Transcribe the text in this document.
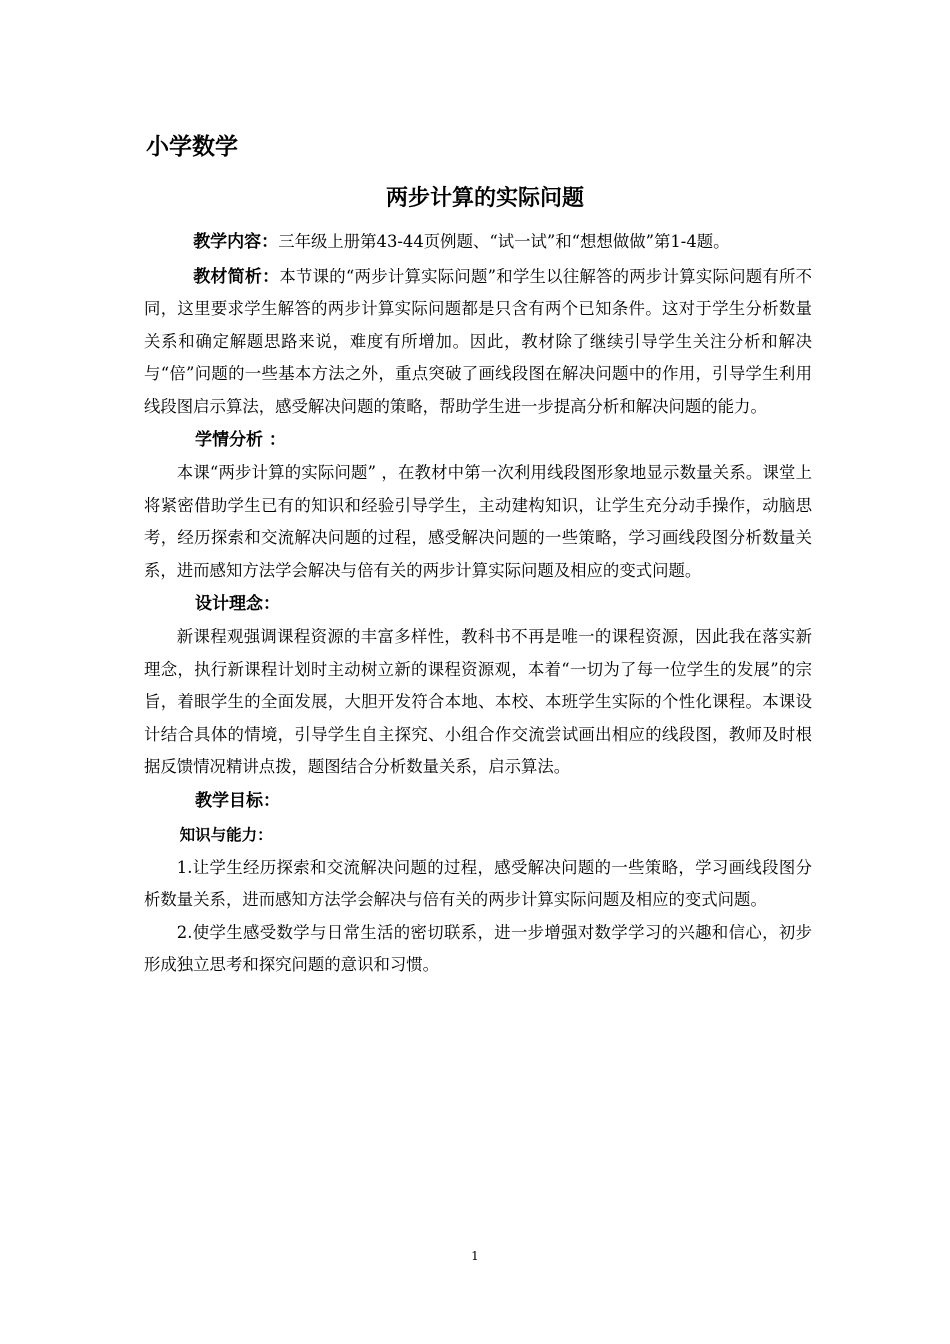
小学数学
两步计算的实际问题

教学内容：三年级上册第43-44页例题、“试一试”和“想想做做”第1-4题。

教材简析：本节课的“两步计算实际问题”和学生以往解答的两步计算实际问题有所不同，这里要求学生解答的两步计算实际问题都是只含有两个已知条件。这对于学生分析数量关系和确定解题思路来说，难度有所增加。因此，教材除了继续引导学生关注分析和解决与“倍”问题的一些基本方法之外，重点突破了画线段图在解决问题中的作用，引导学生利用线段图启示算法，感受解决问题的策略，帮助学生进一步提高分析和解决问题的能力。

学情分析 ：

本课“两步计算的实际问题” ，在教材中第一次利用线段图形象地显示数量关系。课堂上将紧密借助学生已有的知识和经验引导学生，主动建构知识，让学生充分动手操作，动脑思考，经历探索和交流解决问题的过程，感受解决问题的一些策略，学习画线段图分析数量关系，进而感知方法学会解决与倍有关的两步计算实际问题及相应的变式问题。

设计理念：

新课程观强调课程资源的丰富多样性，教科书不再是唯一的课程资源，因此我在落实新理念，执行新课程计划时主动树立新的课程资源观，本着“一切为了每一位学生的发展”的宗旨，着眼学生的全面发展，大胆开发符合本地、本校、本班学生实际的个性化课程。本课设计结合具体的情境，引导学生自主探究、小组合作交流尝试画出相应的线段图，教师及时根据反馈情况精讲点拨，题图结合分析数量关系，启示算法。

教学目标：

知识与能力：

1.让学生经历探索和交流解决问题的过程，感受解决问题的一些策略，学习画线段图分析数量关系，进而感知方法学会解决与倍有关的两步计算实际问题及相应的变式问题。

2.使学生感受数学与日常生活的密切联系，进一步增强对数学学习的兴趣和信心，初步形成独立思考和探究问题的意识和习惯。

1
